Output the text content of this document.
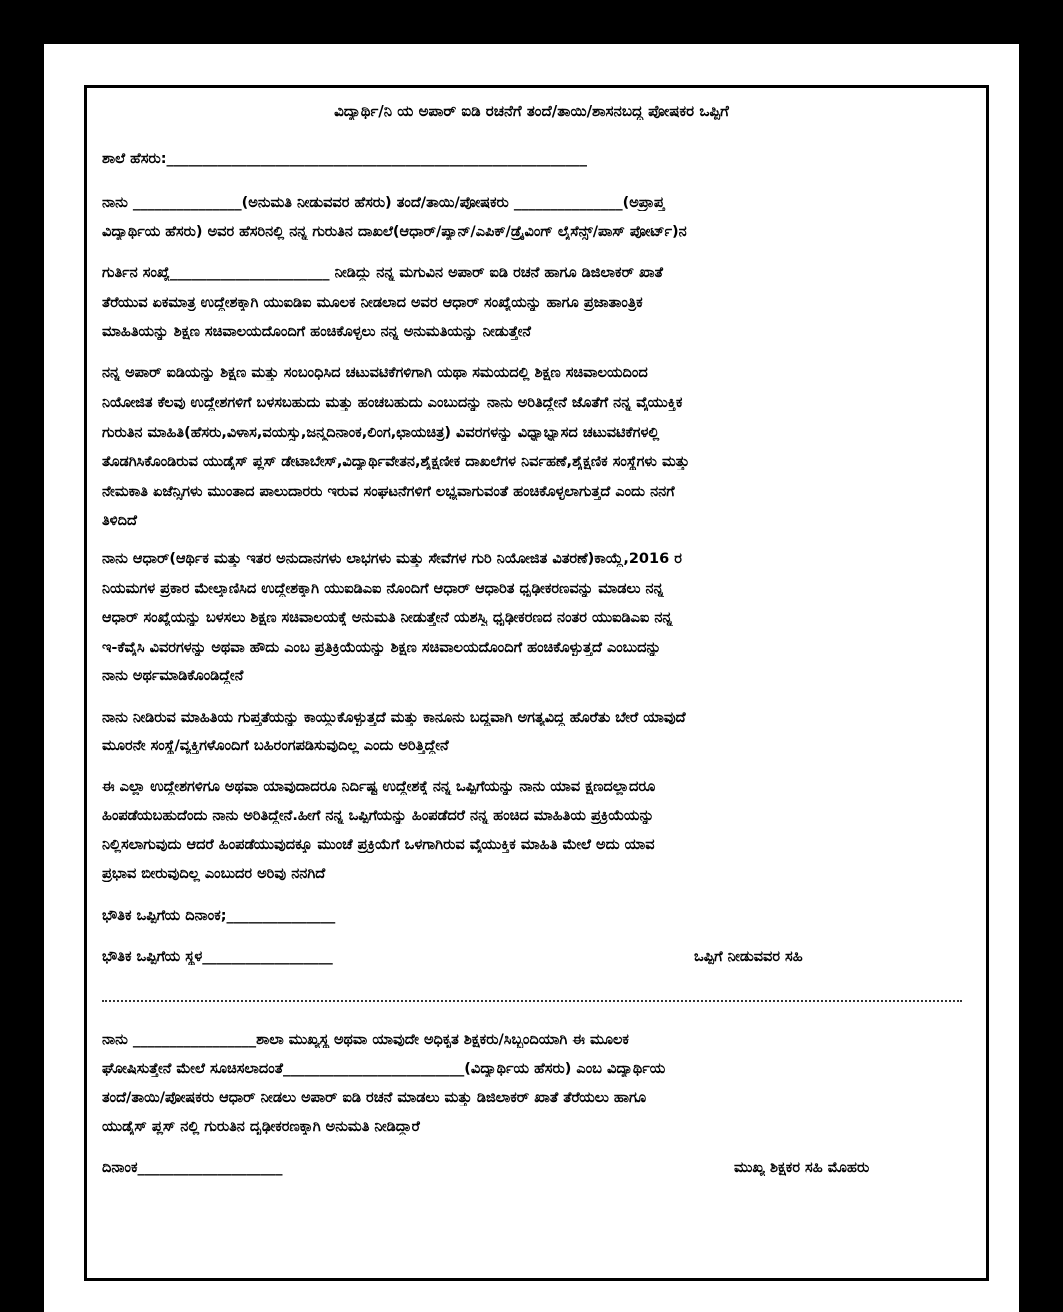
ವಿದ್ಯಾರ್ಥಿ/ನಿ ಯ ಅಪಾರ್ ಐಡಿ ರಚನೆಗೆ ತಂದೆ/ತಾಯಿ/ಶಾಸನಬದ್ಧ ಪೋಷಕರ ಒಪ್ಪಿಗೆ

ಶಾಲೆ ಹೆಸರು:__________________________________________________________

ನಾನು _______________(ಅನುಮತಿ ನೀಡುವವರ ಹೆಸರು) ತಂದೆ/ತಾಯಿ/ಪೋಷಕರು _______________(ಅಪ್ರಾಪ್ತ

ವಿದ್ಯಾರ್ಥಿಯ ಹೆಸರು) ಅವರ ಹೆಸರಿನಲ್ಲಿ ನನ್ನ ಗುರುತಿನ ದಾಖಲೆ(ಆಧಾರ್/ಪ್ಯಾನ್/ಎಪಿಕ್/ಡ್ರೈವಿಂಗ್ ಲೈಸೆನ್ಸ್/ಪಾಸ್ ಪೋರ್ಟ್)ನ

ಗುರ್ತಿನ ಸಂಖ್ಯೆ______________________ ನೀಡಿದ್ದು ನನ್ನ ಮಗುವಿನ ಅಪಾರ್ ಐಡಿ ರಚನೆ ಹಾಗೂ ಡಿಜಿಲಾಕರ್ ಖಾತೆ

ತೆರೆಯುವ ಏಕಮಾತ್ರ ಉದ್ದೇಶಕ್ಕಾಗಿ ಯುಐಡಿಐ ಮೂಲಕ ನೀಡಲಾದ ಅವರ ಆಧಾರ್ ಸಂಖ್ಯೆಯನ್ನು ಹಾಗೂ ಪ್ರಜಾತಾಂತ್ರಿಕ

ಮಾಹಿತಿಯನ್ನು ಶಿಕ್ಷಣ ಸಚಿವಾಲಯದೊಂದಿಗೆ ಹಂಚಿಕೊಳ್ಳಲು ನನ್ನ ಅನುಮತಿಯನ್ನು ನೀಡುತ್ತೇನೆ

ನನ್ನ ಅಪಾರ್ ಐಡಿಯನ್ನು ಶಿಕ್ಷಣ ಮತ್ತು ಸಂಬಂಧಿಸಿದ ಚಟುವಟಿಕೆಗಳಿಗಾಗಿ ಯಥಾ ಸಮಯದಲ್ಲಿ ಶಿಕ್ಷಣ ಸಚಿವಾಲಯದಿಂದ

ನಿಯೋಜಿತ ಕೆಲವು ಉದ್ದೇಶಗಳಿಗೆ ಬಳಸಬಹುದು ಮತ್ತು ಹಂಚಬಹುದು ಎಂಬುದನ್ನು ನಾನು ಅರಿತಿದ್ದೇನೆ ಜೊತೆಗೆ ನನ್ನ ವೈಯುಕ್ತಿಕ

ಗುರುತಿನ ಮಾಹಿತಿ(ಹೆಸರು,ವಿಳಾಸ,ವಯಸ್ಸು,ಜನ್ಮದಿನಾಂಕ,ಲಿಂಗ,ಛಾಯಚಿತ್ರ) ವಿವರಗಳನ್ನು ವಿಧ್ಯಾಭ್ಯಾಸದ ಚಟುವಟಿಕೆಗಳಲ್ಲಿ

ತೊಡಗಿಸಿಕೊಂಡಿರುವ ಯುಡೈಸ್ ಪ್ಲಸ್ ಡೇಟಾಬೇಸ್,ವಿದ್ಯಾರ್ಥಿವೇತನ,ಶೈಕ್ಷಣೀಕ ದಾಖಲೆಗಳ ನಿರ್ವಹಣೆ,ಶೈಕ್ಷಣಿಕ ಸಂಸ್ಥೆಗಳು ಮತ್ತು

ನೇಮಕಾತಿ ಏಜೆನ್ಸಿಗಳು ಮುಂತಾದ ಪಾಲುದಾರರು ಇರುವ ಸಂಘಟನೆಗಳಿಗೆ ಲಭ್ಯವಾಗುವಂತೆ ಹಂಚಿಕೊಳ್ಳಲಾಗುತ್ತದೆ ಎಂದು ನನಗೆ

ತಿಳಿದಿದೆ

ನಾನು ಆಧಾರ್(ಆರ್ಥಿಕ ಮತ್ತು ಇತರ ಅನುದಾನಗಳು ಲಾಭಗಳು ಮತ್ತು ಸೇವೆಗಳ ಗುರಿ ನಿಯೋಜಿತ ವಿತರಣೆ)ಕಾಯ್ದೆ,2016 ರ

ನಿಯಮಗಳ ಪ್ರಕಾರ ಮೇಲ್ಕಾಣಿಸಿದ ಉದ್ದೇಶಕ್ಕಾಗಿ ಯುಐಡಿಎಐ ನೊಂದಿಗೆ ಆಧಾರ್ ಆಧಾರಿತ ಧೃಢೀಕರಣವನ್ನು ಮಾಡಲು ನನ್ನ

ಆಧಾರ್ ಸಂಖ್ಯೆಯನ್ನು ಬಳಸಲು ಶಿಕ್ಷಣ ಸಚಿವಾಲಯಕ್ಕೆ ಅನುಮತಿ ನೀಡುತ್ತೇನೆ ಯಶಸ್ವಿ ಧೃಢೀಕರಣದ ನಂತರ ಯುಐಡಿಎಐ ನನ್ನ

ಇ-ಕೆವೈಸಿ ವಿವರಗಳನ್ನು ಅಥವಾ ಹೌದು ಎಂಬ ಪ್ರತಿಕ್ರಿಯೆಯನ್ನು ಶಿಕ್ಷಣ ಸಚಿವಾಲಯದೊಂದಿಗೆ ಹಂಚಿಕೊಳ್ಳುತ್ತದೆ ಎಂಬುದನ್ನು

ನಾನು ಅರ್ಥಮಾಡಿಕೊಂಡಿದ್ದೇನೆ

ನಾನು ನೀಡಿರುವ ಮಾಹಿತಿಯ ಗುಪ್ತತೆಯನ್ನು ಕಾಯ್ದುಕೊಳ್ಳುತ್ತದೆ ಮತ್ತು ಕಾನೂನು ಬದ್ಧವಾಗಿ ಅಗತ್ಯವಿದ್ದ ಹೊರೆತು ಬೇರೆ ಯಾವುದೆ

ಮೂರನೇ ಸಂಸ್ಥೆ/ವ್ಯಕ್ತಿಗಳೊಂದಿಗೆ ಬಹಿರಂಗಪಡಿಸುವುದಿಲ್ಲ ಎಂದು ಅರಿತ್ತಿದ್ದೇನೆ

ಈ ಎಲ್ಲಾ ಉದ್ದೇಶಗಳಿಗೂ ಅಥವಾ ಯಾವುದಾದರೂ ನಿರ್ದಿಷ್ಟ ಉದ್ದೇಶಕ್ಕೆ ನನ್ನ ಒಪ್ಪಿಗೆಯನ್ನು ನಾನು ಯಾವ ಕ್ಷಣದಲ್ಲಾದರೂ

ಹಿಂಪಡೆಯಬಹುದೆಂದು ನಾನು ಅರಿತಿದ್ದೇನೆ.ಹೀಗೆ ನನ್ನ ಒಪ್ಪಿಗೆಯನ್ನು ಹಿಂಪಡೆದರೆ ನನ್ನ ಹಂಚಿದ ಮಾಹಿತಿಯ ಪ್ರಕ್ರಿಯೆಯನ್ನು

ನಿಲ್ಲಿಸಲಾಗುವುದು ಆದರೆ ಹಿಂಪಡೆಯುವುದಕ್ಕೂ ಮುಂಚೆ ಪ್ರಕ್ರಿಯೆಗೆ ಒಳಗಾಗಿರುವ ವೈಯುಕ್ತಿಕ ಮಾಹಿತಿ ಮೇಲೆ ಅದು ಯಾವ

ಪ್ರಭಾವ ಬೀರುವುದಿಲ್ಲ ಎಂಬುದರ ಅರಿವು ನನಗಿದೆ

ಭೌತಿಕ ಒಪ್ಪಿಗೆಯ ದಿನಾಂಕ;_______________

ಭೌತಿಕ ಒಪ್ಪಿಗೆಯ ಸ್ಥಳ__________________	ಒಪ್ಪಿಗೆ ನೀಡುವವರ ಸಹಿ

ನಾನು _________________ಶಾಲಾ ಮುಖ್ಯಸ್ಥ ಅಥವಾ ಯಾವುದೇ ಅಧಿಕೃತ ಶಿಕ್ಷಕರು/ಸಿಬ್ಬಂದಿಯಾಗಿ ಈ ಮೂಲಕ

ಘೋಷಿಸುತ್ತೇನೆ ಮೇಲೆ ಸೂಚಿಸಲಾದಂತೆ_________________________(ವಿದ್ಯಾರ್ಥಿಯ ಹೆಸರು) ಎಂಬ ವಿದ್ಯಾರ್ಥಿಯ

ತಂದೆ/ತಾಯಿ/ಪೋಷಕರು ಆಧಾರ್ ನೀಡಲು ಅಪಾರ್ ಐಡಿ ರಚನೆ ಮಾಡಲು ಮತ್ತು ಡಿಜಿಲಾಕರ್ ಖಾತೆ ತೆರೆಯಲು ಹಾಗೂ

ಯುಡೈಸ್ ಪ್ಲಸ್ ನಲ್ಲಿ ಗುರುತಿನ ದೃಢೀಕರಣಕ್ಕಾಗಿ ಅನುಮತಿ ನೀಡಿದ್ದಾರೆ

ದಿನಾಂಕ____________________	ಮುಖ್ಯ ಶಿಕ್ಷಕರ ಸಹಿ ಮೊಹರು
